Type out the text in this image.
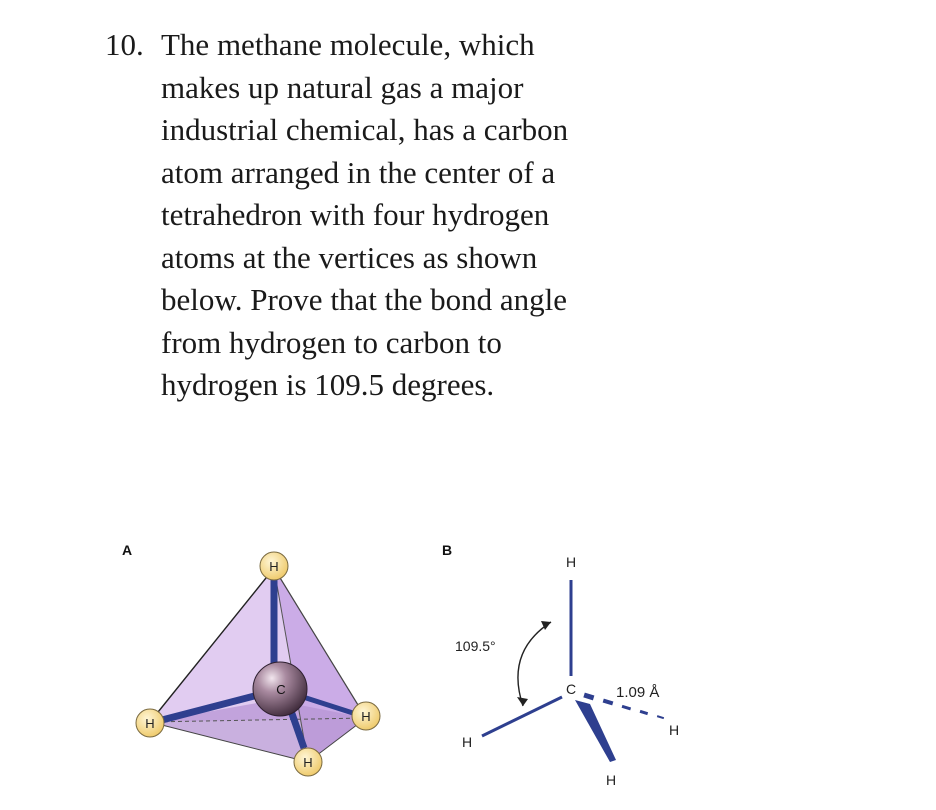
10. The methane molecule, which
makes up natural gas a major
industrial chemical, has a carbon
atom arranged in the center of a
tetrahedron with four hydrogen
atoms at the vertices as shown
below. Prove that the bond angle
from hydrogen to carbon to
hydrogen is 109.5 degrees.
A
H
H
C
H
H
B
H
C
H
H
H
1.09 Å
109.5°
